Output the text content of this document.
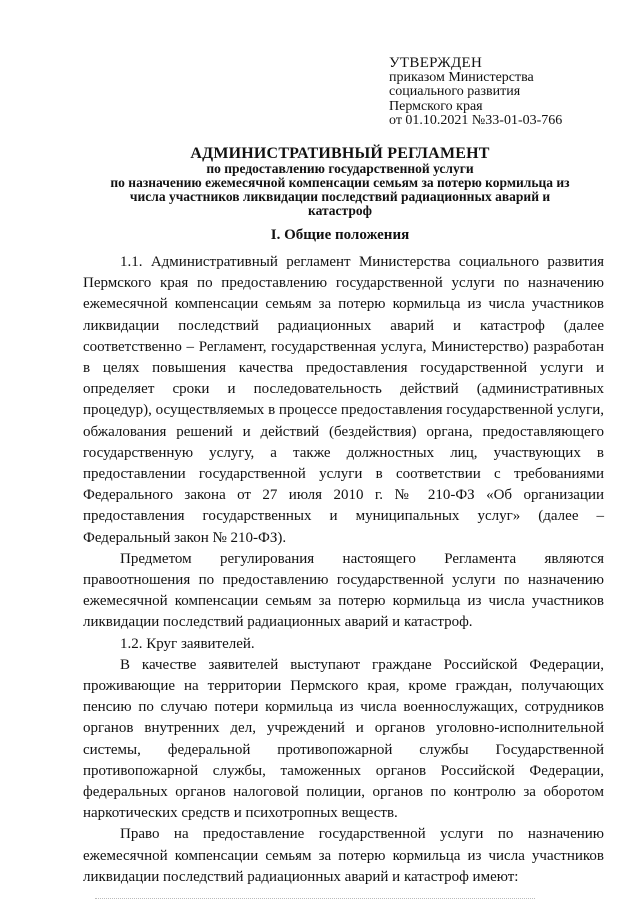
УТВЕРЖДЕН
приказом Министерства
социального развития
Пермского края
от 01.10.2021 №33-01-03-766
АДМИНИСТРАТИВНЫЙ РЕГЛАМЕНТ
по предоставлению государственной услуги
по назначению ежемесячной компенсации семьям за потерю кормильца из
числа участников ликвидации последствий радиационных аварий и
катастроф
I. Общие положения

1.1. Административный регламент Министерства социального развития Пермского края по предоставлению государственной услуги по назначению ежемесячной компенсации семьям за потерю кормильца из числа участников ликвидации последствий радиационных аварий и катастроф (далее соответственно – Регламент, государственная услуга, Министерство) разработан в целях повышения качества предоставления государственной услуги и определяет сроки и последовательность действий (административных процедур), осуществляемых в процессе предоставления государственной услуги, обжалования решений и действий (бездействия) органа, предоставляющего государственную услугу, а также должностных лиц, участвующих в предоставлении государственной услуги в соответствии с требованиями Федерального закона от 27 июля 2010 г. № 210-ФЗ «Об организации предоставления государственных и муниципальных услуг» (далее – Федеральный закон № 210-ФЗ).

Предметом регулирования настоящего Регламента являются правоотношения по предоставлению государственной услуги по назначению ежемесячной компенсации семьям за потерю кормильца из числа участников ликвидации последствий радиационных аварий и катастроф.

1.2. Круг заявителей.

В качестве заявителей выступают граждане Российской Федерации, проживающие на территории Пермского края, кроме граждан, получающих пенсию по случаю потери кормильца из числа военнослужащих, сотрудников органов внутренних дел, учреждений и органов уголовно-исполнительной системы, федеральной противопожарной службы Государственной противопожарной службы, таможенных органов Российской Федерации, федеральных органов налоговой полиции, органов по контролю за оборотом наркотических средств и психотропных веществ.

Право на предоставление государственной услуги по назначению ежемесячной компенсации семьям за потерю кормильца из числа участников ликвидации последствий радиационных аварий и катастроф имеют:
